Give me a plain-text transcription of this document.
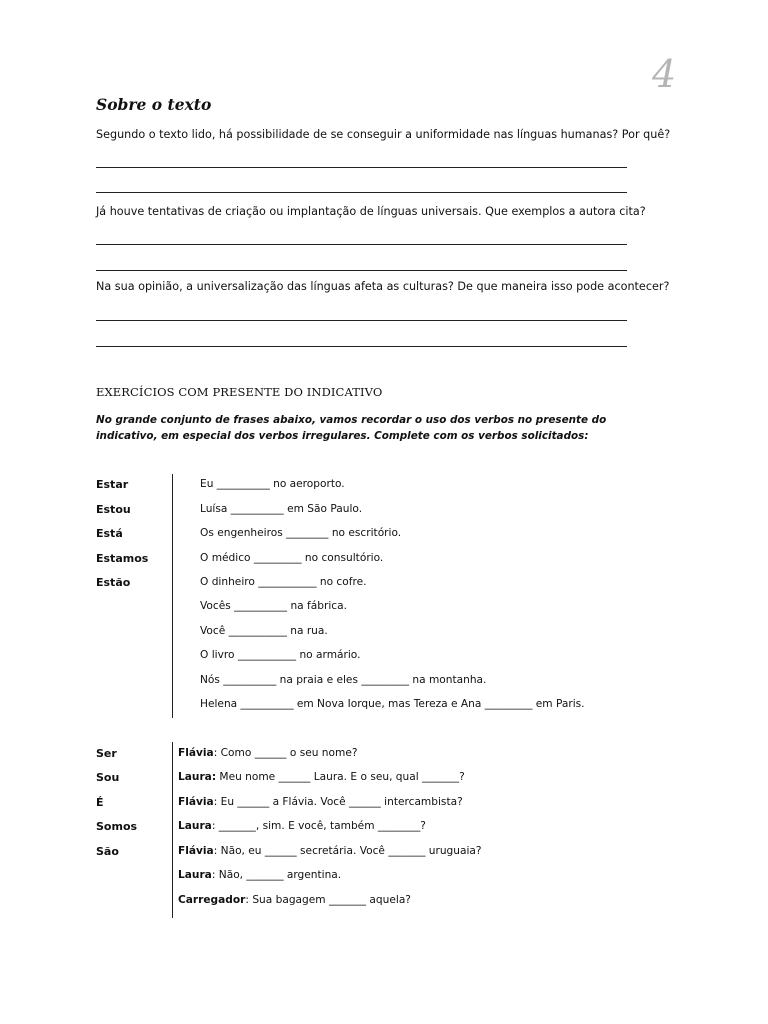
4
Sobre o texto
Segundo o texto lido, há possibilidade de se conseguir a uniformidade nas línguas humanas? Por quê?
Já houve tentativas de criação ou implantação de línguas universais. Que exemplos a autora cita?
Na sua opinião, a universalização das línguas afeta as culturas? De que maneira isso pode acontecer?
EXERCÍCIOS COM PRESENTE DO INDICATIVO
No grande conjunto de frases abaixo, vamos recordar o uso dos verbos no presente do indicativo, em especial dos verbos irregulares. Complete com os verbos solicitados:
Estar
Estou
Está
Estamos
Estão
Eu __________ no aeroporto.
Luísa __________ em São Paulo.
Os engenheiros ________ no escritório.
O médico _________ no consultório.
O dinheiro ___________ no cofre.
Vocês __________ na fábrica.
Você ___________ na rua.
O livro ___________ no armário.
Nós __________ na praia e eles _________ na montanha.
Helena __________ em Nova Iorque, mas Tereza e Ana _________ em Paris.
Ser
Sou
É
Somos
São
Flávia: Como ______ o seu nome?
Laura: Meu nome ______ Laura. E o seu, qual _______?
Flávia: Eu ______ a Flávia. Você ______ intercambista?
Laura: _______, sim. E você, também ________?
Flávia: Não, eu ______ secretária. Você _______ uruguaia?
Laura: Não, _______ argentina.
Carregador: Sua bagagem _______ aquela?
